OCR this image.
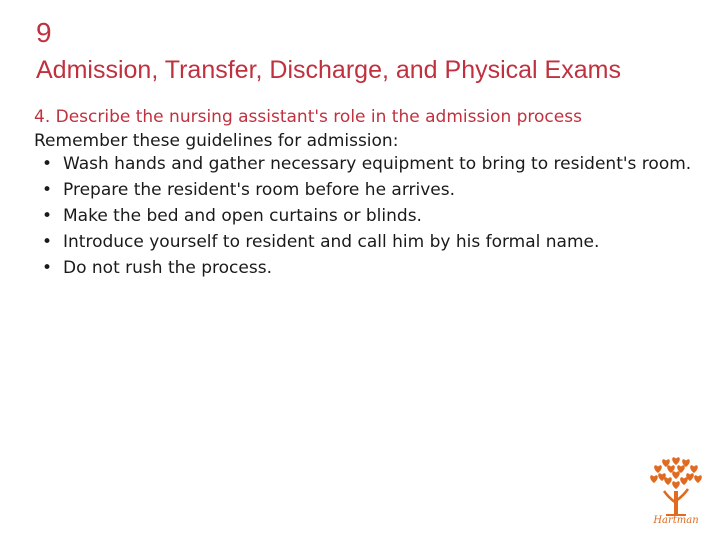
9
Admission, Transfer, Discharge, and Physical Exams
4. Describe the nursing assistant's role in the admission process
Remember these guidelines for admission:
• Wash hands and gather necessary equipment to bring to resident's room.
• Prepare the resident's room before he arrives.
• Make the bed and open curtains or blinds.
• Introduce yourself to resident and call him by his formal name.
• Do not rush the process.
Hartman
